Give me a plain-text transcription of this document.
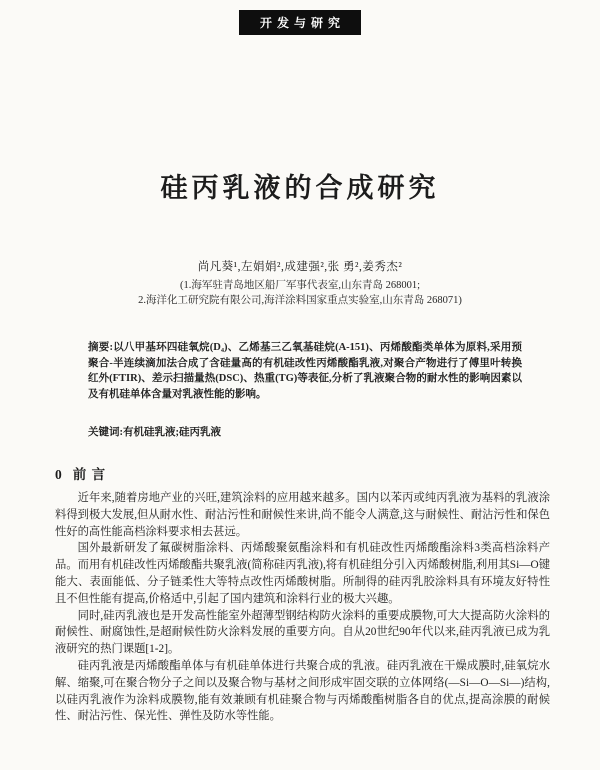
开发与研究
硅丙乳液的合成研究
尚凡葵¹,左娟娟²,成建强²,张 勇²,姜秀杰²
(1.海军驻青岛地区船厂军事代表室,山东青岛 268001;
2.海洋化工研究院有限公司,海洋涂料国家重点实验室,山东青岛 268071)
摘要:以八甲基环四硅氧烷(D₄)、乙烯基三乙氧基硅烷(A-151)、丙烯酸酯类单体为原料,采用预聚合-半连续滴加法合成了含硅量高的有机硅改性丙烯酸酯乳液,对聚合产物进行了傅里叶转换红外(FTIR)、差示扫描量热(DSC)、热重(TG)等表征,分析了乳液聚合物的耐水性的影响因素以及有机硅单体含量对乳液性能的影响。
关键词:有机硅乳液;硅丙乳液
0 前 言

近年来,随着房地产业的兴旺,建筑涂料的应用越来越多。国内以苯丙或纯丙乳液为基料的乳液涂料得到极大发展,但从耐水性、耐沾污性和耐候性来讲,尚不能令人满意,这与耐候性、耐沾污性和保色性好的高性能高档涂料要求相去甚远。

国外最新研发了氟碳树脂涂料、丙烯酸聚氨酯涂料和有机硅改性丙烯酸酯涂料3类高档涂料产品。而用有机硅改性丙烯酸酯共聚乳液(简称硅丙乳液),将有机硅组分引入丙烯酸树脂,利用其Si—O键能大、表面能低、分子链柔性大等特点改性丙烯酸树脂。所制得的硅丙乳胶涂料具有环境友好特性且不但性能有提高,价格适中,引起了国内建筑和涂料行业的极大兴趣。

同时,硅丙乳液也是开发高性能室外超薄型钢结构防火涂料的重要成膜物,可大大提高防火涂料的耐候性、耐腐蚀性,是超耐候性防火涂料发展的重要方向。自从20世纪90年代以来,硅丙乳液已成为乳液研究的热门课题[1-2]。

硅丙乳液是丙烯酸酯单体与有机硅单体进行共聚合成的乳液。硅丙乳液在干燥成膜时,硅氧烷水解、缩聚,可在聚合物分子之间以及聚合物与基材之间形成牢固交联的立体网络(—Si—O—Si—)结构,以硅丙乳液作为涂料成膜物,能有效兼顾有机硅聚合物与丙烯酸酯树脂各自的优点,提高涂膜的耐候性、耐沾污性、保光性、弹性及防水等性能。
